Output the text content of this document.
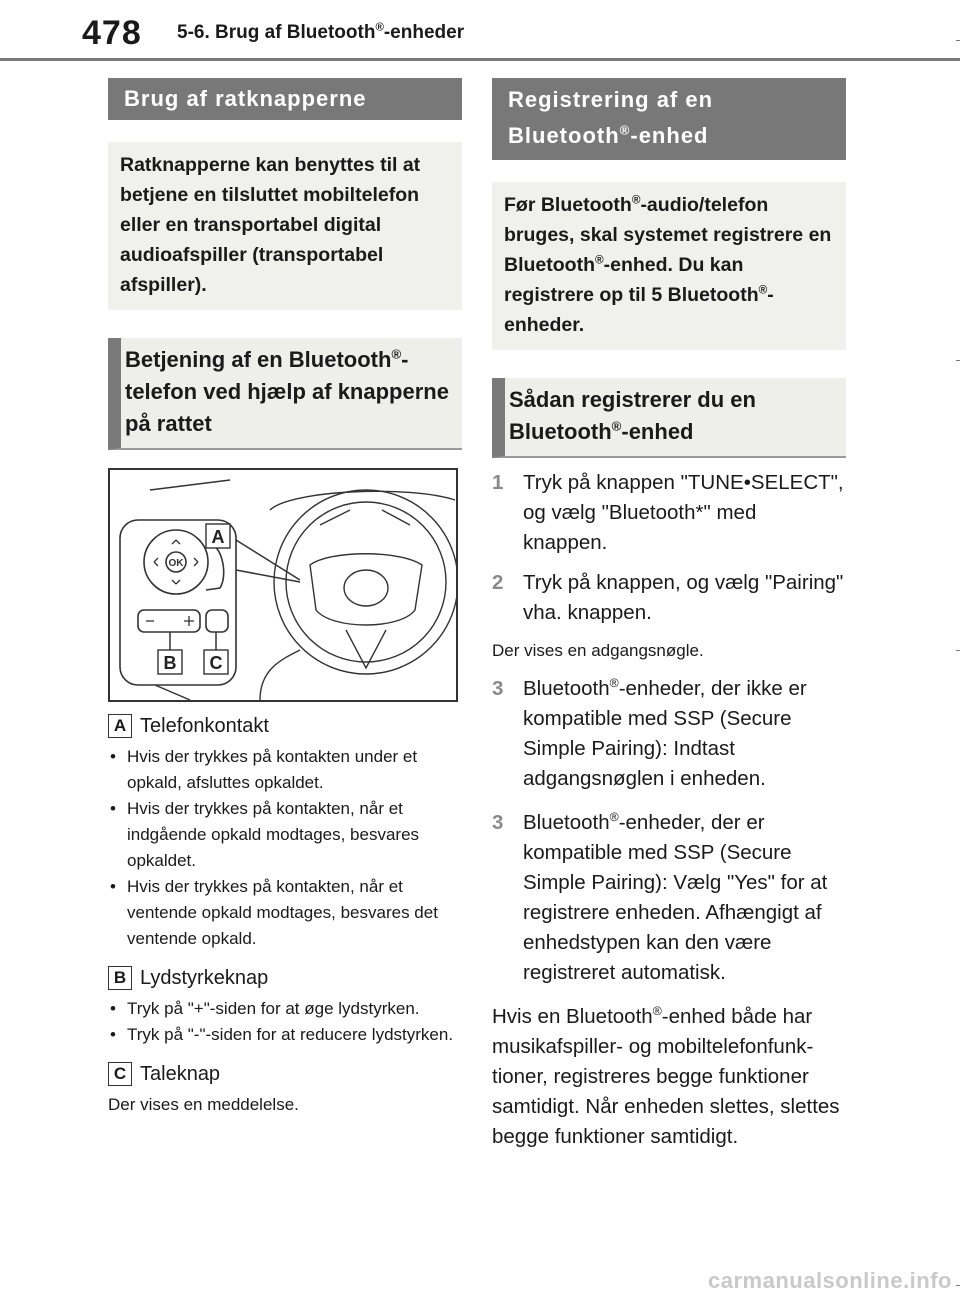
478 5-6. Brug af Bluetooth®-enheder
Brug af ratknapperne
Ratknapperne kan benyttes til at betjene en tilsluttet mobiltelefon eller en transportabel digital audioafspiller (transportabel afspiller).
Betjening af en Bluetooth®-telefon ved hjælp af knapperne på rattet
OK
A
B C
A Telefonkontakt
• Hvis der trykkes på kontakten under et opkald, afsluttes opkaldet.
• Hvis der trykkes på kontakten, når et indgående opkald modtages, besvares opkaldet.
• Hvis der trykkes på kontakten, når et ventende opkald modtages, besvares det ventende opkald.
B Lydstyrkeknap
• Tryk på "+"-siden for at øge lydstyrken.
• Tryk på "-"-siden for at reducere lydstyrken.
C Taleknap
Der vises en meddelelse.
Registrering af en
Bluetooth®-enhed
Før Bluetooth®-audio/telefon bruges, skal systemet registrere en Bluetooth®-enhed. Du kan registrere op til 5 Bluetooth®-enheder.
Sådan registrerer du en
Bluetooth®-enhed
1 Tryk på knappen "TUNE•SELECT", og vælg "Bluetooth*" med knappen.
2 Tryk på knappen, og vælg "Pairing" vha. knappen.
Der vises en adgangsnøgle.
3 Bluetooth®-enheder, der ikke er kompatible med SSP (Secure Simple Pairing): Indtast adgangsnøglen i enheden.
3 Bluetooth®-enheder, der er kompatible med SSP (Secure Simple Pairing): Vælg "Yes" for at registrere enheden. Afhængigt af enhedstypen kan den være registreret automatisk.
Hvis en Bluetooth®-enhed både har musikafspiller- og mobiltelefonfunktioner, registreres begge funktioner samtidigt. Når enheden slettes, slettes begge funktioner samtidigt.
carmanualsonline.info
